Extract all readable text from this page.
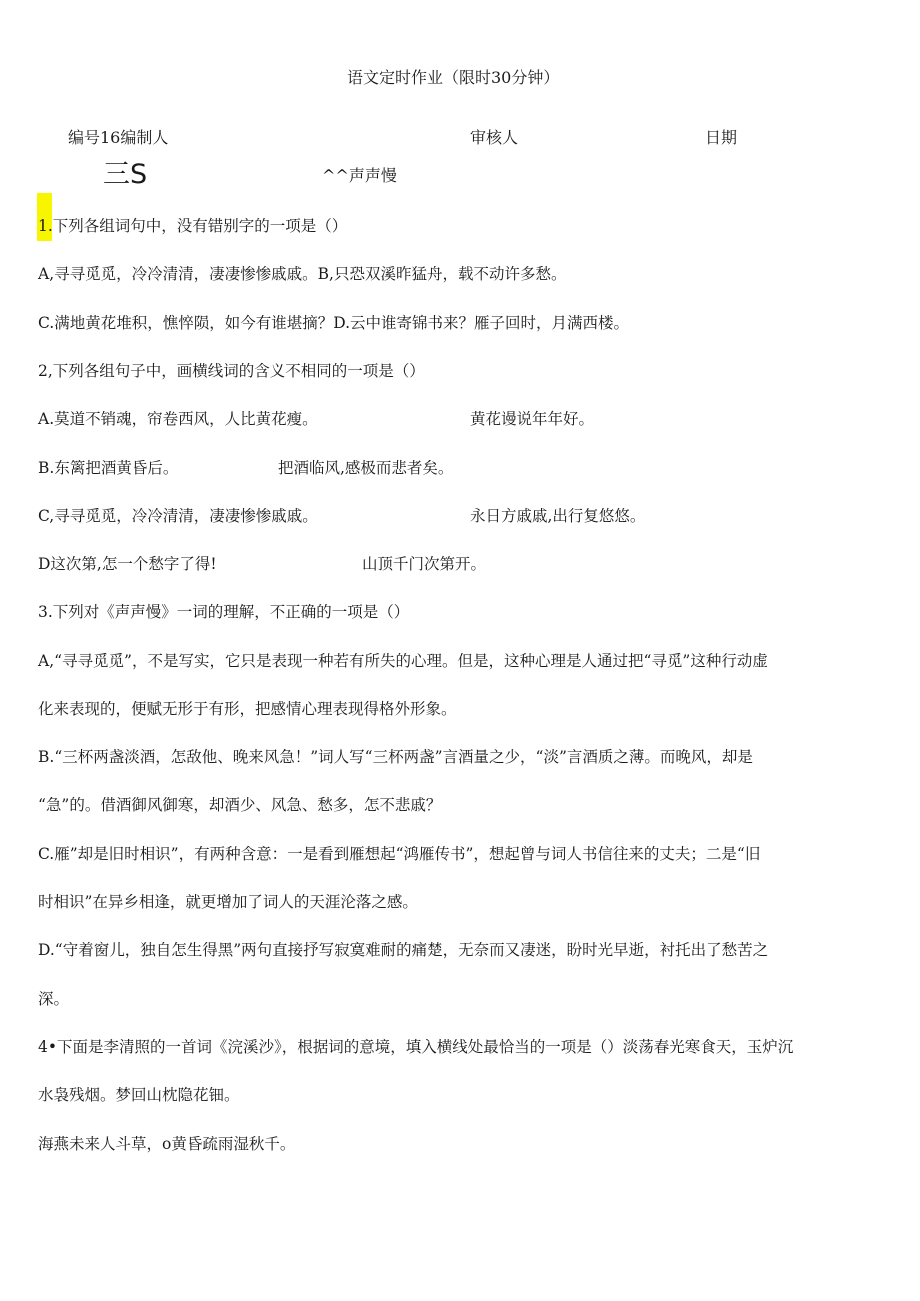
语文定时作业（限时30分钟）
编号16编制人	审核人	日期
三S	^^声声慢
1.下列各组词句中，没有错别字的一项是（）
A,寻寻觅觅，冷冷清清，凄凄惨惨戚戚。B,只恐双溪昨猛舟，载不动许多愁。
C.满地黄花堆积，憔悴陨，如今有谁堪摘？D.云中谁寄锦书来？雁子回时，月满西楼。
2,下列各组句子中，画横线词的含义不相同的一项是（）
A.莫道不销魂，帘卷西风，人比黄花瘦。	黄花谩说年年好。
B.东篱把酒黄昏后。	把酒临风,感极而悲者矣。
C,寻寻觅觅，冷冷清清，凄凄惨惨戚戚。	永日方戚戚,出行复悠悠。
D这次第,怎一个愁字了得!	山顶千门次第开。
3.下列对《声声慢》一词的理解，不正确的一项是（）
A,“寻寻觅觅”，不是写实，它只是表现一种若有所失的心理。但是，这种心理是人通过把“寻觅”这种行动虚
化来表现的，便赋无形于有形，把感情心理表现得格外形象。
B.“三杯两盏淡酒，怎敌他、晚来风急！”词人写“三杯两盏”言酒量之少，“淡”言酒质之薄。而晚风，却是
“急”的。借酒御风御寒，却酒少、风急、愁多，怎不悲戚？
C.雁”却是旧时相识”，有两种含意：一是看到雁想起“鸿雁传书”，想起曾与词人书信往来的丈夫；二是“旧
时相识”在异乡相逢，就更增加了词人的天涯沦落之感。
D.“守着窗儿，独自怎生得黑”两句直接抒写寂寞难耐的痛楚，无奈而又凄迷，盼时光早逝，衬托出了愁苦之
深。
4•下面是李清照的一首词《浣溪沙》，根据词的意境，填入横线处最恰当的一项是（）淡荡春光寒食天，玉炉沉
水袅残烟。梦回山枕隐花钿。
海燕未来人斗草，o黄昏疏雨湿秋千。
